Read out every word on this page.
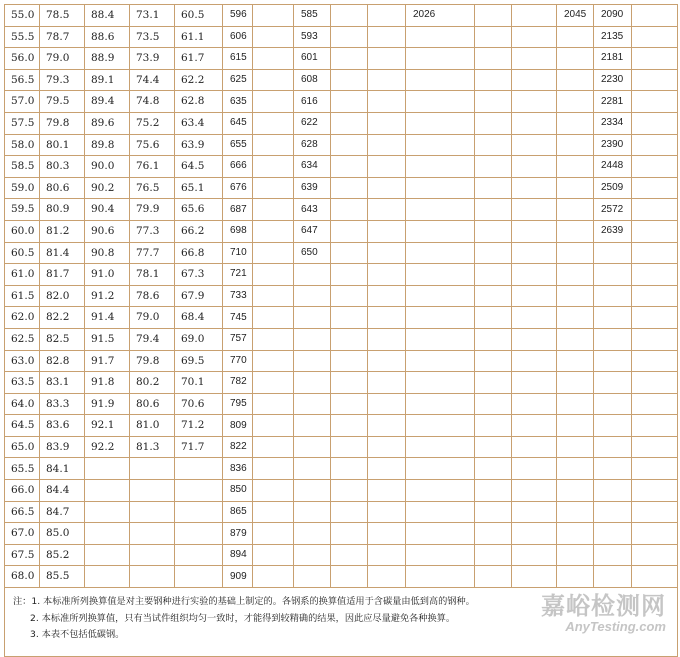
55.0	78.5	88.4	73.1	60.5	596		585			2026			2045	2090	
55.5	78.7	88.6	73.5	61.1	606		593							2135	
56.0	79.0	88.9	73.9	61.7	615		601							2181	
56.5	79.3	89.1	74.4	62.2	625		608							2230	
57.0	79.5	89.4	74.8	62.8	635		616							2281	
57.5	79.8	89.6	75.2	63.4	645		622							2334	
58.0	80.1	89.8	75.6	63.9	655		628							2390	
58.5	80.3	90.0	76.1	64.5	666		634							2448	
59.0	80.6	90.2	76.5	65.1	676		639							2509	
59.5	80.9	90.4	79.9	65.6	687		643							2572	
60.0	81.2	90.6	77.3	66.2	698		647							2639	
60.5	81.4	90.8	77.7	66.8	710		650								
61.0	81.7	91.0	78.1	67.3	721										
61.5	82.0	91.2	78.6	67.9	733										
62.0	82.2	91.4	79.0	68.4	745										
62.5	82.5	91.5	79.4	69.0	757										
63.0	82.8	91.7	79.8	69.5	770										
63.5	83.1	91.8	80.2	70.1	782										
64.0	83.3	91.9	80.6	70.6	795										
64.5	83.6	92.1	81.0	71.2	809										
65.0	83.9	92.2	81.3	71.7	822										
65.5	84.1				836										
66.0	84.4				850										
66.5	84.7				865										
67.0	85.0				879										
67.5	85.2				894										
68.0	85.5				909										

注：1. 本标准所列换算值是对主要钢种进行实验的基础上制定的。各钢系的换算值适用于含碳量由低到高的钢种。
2. 本标准所列换算值，只有当试件组织均匀一致时，才能得到较精确的结果，因此应尽量避免各种换算。
3. 本表不包括低碳钢。															
嘉峪检测网
AnyTesting.com
